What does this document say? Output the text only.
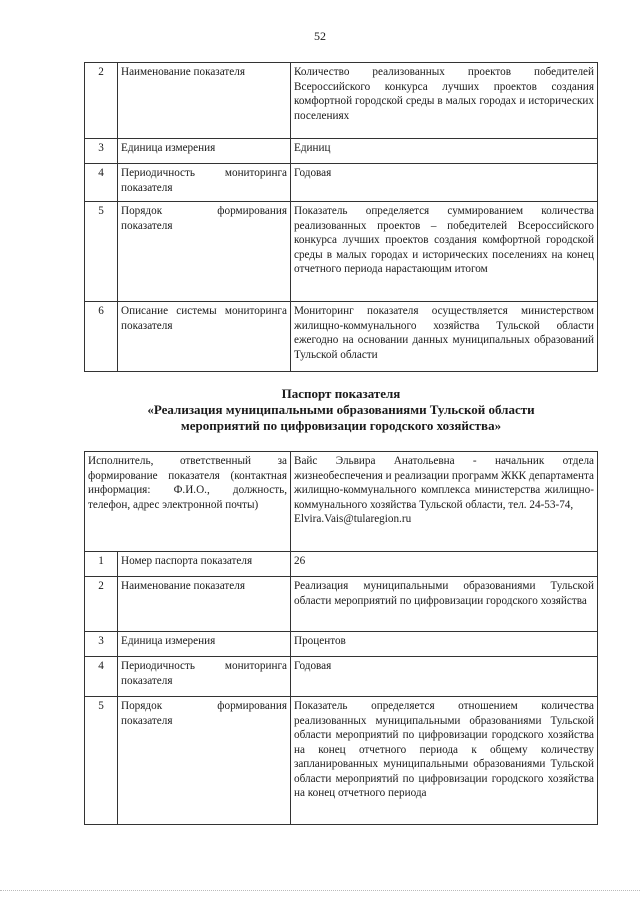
52
2	Наименование показателя	Количество реализованных проектов победителей Всероссийского конкурса лучших проектов создания комфортной городской среды в малых городах и исторических поселениях
3	Единица измерения	Единиц
4	Периодичность мониторинга показателя	Годовая
5	Порядок формирования показателя	Показатель определяется суммированием количества реализованных проектов – победителей Всероссийского конкурса лучших проектов создания комфортной городской среды в малых городах и исторических поселениях на конец отчетного периода нарастающим итогом
6	Описание системы мониторинга показателя	Мониторинг показателя осуществляется министерством жилищно-коммунального хозяйства Тульской области ежегодно на основании данных муниципальных образований Тульской области
Паспорт показателя
«Реализация муниципальными образованиями Тульской области
мероприятий по цифровизации городского хозяйства»
Исполнитель, ответственный за формирование показателя (контактная информация: Ф.И.О., должность, телефон, адрес электронной почты)		Вайс Эльвира Анатольевна - начальник отдела жизнеобеспечения и реализации программ ЖКК департамента жилищно-коммунального комплекса министерства жилищно-коммунального хозяйства Тульской области, тел. 24-53-74,
Elvira.Vais@tularegion.ru
1	Номер паспорта показателя	26
2	Наименование показателя	Реализация муниципальными образованиями Тульской области мероприятий по цифровизации городского хозяйства
3	Единица измерения	Процентов
4	Периодичность мониторинга показателя	Годовая
5	Порядок формирования показателя	Показатель определяется отношением количества реализованных муниципальными образованиями Тульской области мероприятий по цифровизации городского хозяйства на конец отчетного периода к общему количеству запланированных муниципальными образованиями Тульской области мероприятий по цифровизации городского хозяйства на конец отчетного периода
